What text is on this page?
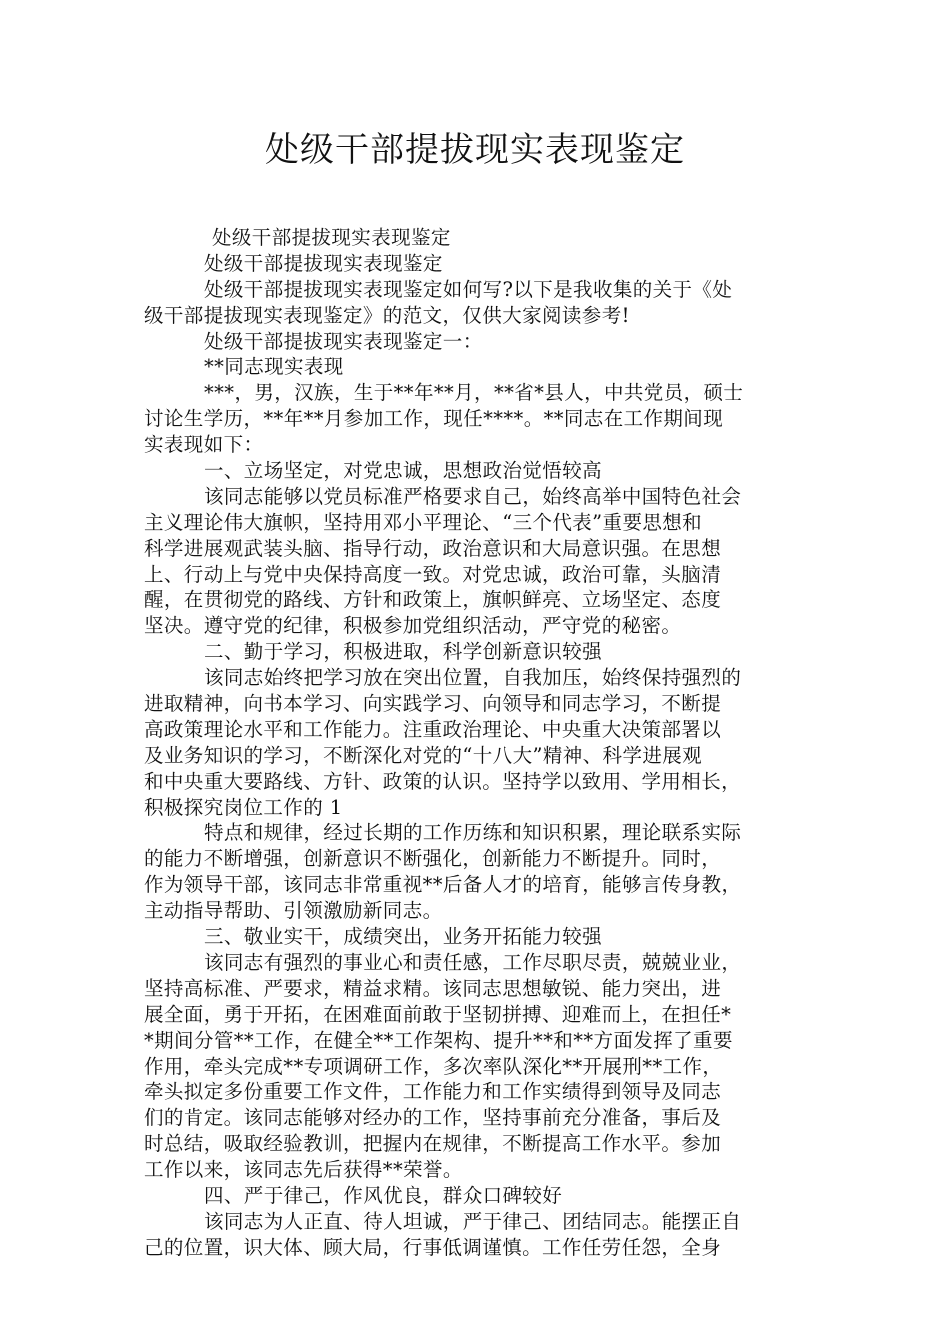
处级干部提拔现实表现鉴定
处级干部提拔现实表现鉴定
处级干部提拔现实表现鉴定
处级干部提拔现实表现鉴定如何写?以下是我收集的关于《处
级干部提拔现实表现鉴定》的范文，仅供大家阅读参考!
处级干部提拔现实表现鉴定一：
**同志现实表现
***，男，汉族，生于**年**月，**省*县人，中共党员，硕士
讨论生学历，**年**月参加工作，现任****。**同志在工作期间现
实表现如下：
一、立场坚定，对党忠诚，思想政治觉悟较高
该同志能够以党员标准严格要求自己，始终高举中国特色社会
主义理论伟大旗帜，坚持用邓小平理论、“三个代表”重要思想和
科学进展观武装头脑、指导行动，政治意识和大局意识强。在思想
上、行动上与党中央保持高度一致。对党忠诚，政治可靠，头脑清
醒，在贯彻党的路线、方针和政策上，旗帜鲜亮、立场坚定、态度
坚决。遵守党的纪律，积极参加党组织活动，严守党的秘密。
二、勤于学习，积极进取，科学创新意识较强
该同志始终把学习放在突出位置，自我加压，始终保持强烈的
进取精神，向书本学习、向实践学习、向领导和同志学习，不断提
高政策理论水平和工作能力。注重政治理论、中央重大决策部署以
及业务知识的学习，不断深化对党的“十八大”精神、科学进展观
和中央重大要路线、方针、政策的认识。坚持学以致用、学用相长，
积极探究岗位工作的 1
特点和规律，经过长期的工作历练和知识积累，理论联系实际
的能力不断增强，创新意识不断强化，创新能力不断提升。同时，
作为领导干部，该同志非常重视**后备人才的培育，能够言传身教，
主动指导帮助、引领激励新同志。
三、敬业实干，成绩突出，业务开拓能力较强
该同志有强烈的事业心和责任感，工作尽职尽责，兢兢业业，
坚持高标准、严要求，精益求精。该同志思想敏锐、能力突出，进
展全面，勇于开拓，在困难面前敢于坚韧拼搏、迎难而上，在担任*
*期间分管**工作，在健全**工作架构、提升**和**方面发挥了重要
作用，牵头完成**专项调研工作，多次率队深化**开展刑**工作，
牵头拟定多份重要工作文件，工作能力和工作实绩得到领导及同志
们的肯定。该同志能够对经办的工作，坚持事前充分准备，事后及
时总结，吸取经验教训，把握内在规律，不断提高工作水平。参加
工作以来，该同志先后获得**荣誉。
四、严于律己，作风优良，群众口碑较好
该同志为人正直、待人坦诚，严于律己、团结同志。能摆正自
己的位置，识大体、顾大局，行事低调谨慎。工作任劳任怨，全身
